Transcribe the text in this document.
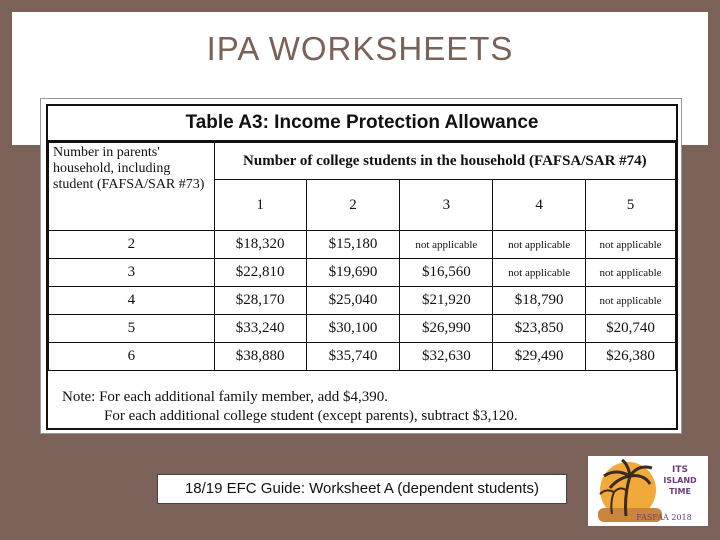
IPA WORKSHEETS
Table A3: Income Protection Allowance
Number in parents' household, including student (FAFSA/SAR #73)	Number of college students in the household (FAFSA/SAR #74)				
	1	2	3	4	5
2	$18,320	$15,180	not applicable	not applicable	not applicable
3	$22,810	$19,690	$16,560	not applicable	not applicable
4	$28,170	$25,040	$21,920	$18,790	not applicable
5	$33,240	$30,100	$26,990	$23,850	$20,740
6	$38,880	$35,740	$32,630	$29,490	$26,380
Note: For each additional family member, add $4,390.
For each additional college student (except parents), subtract $3,120.
18/19 EFC Guide: Worksheet A (dependent students)
ITS
ISLAND
TIME
FASFAA 2018
